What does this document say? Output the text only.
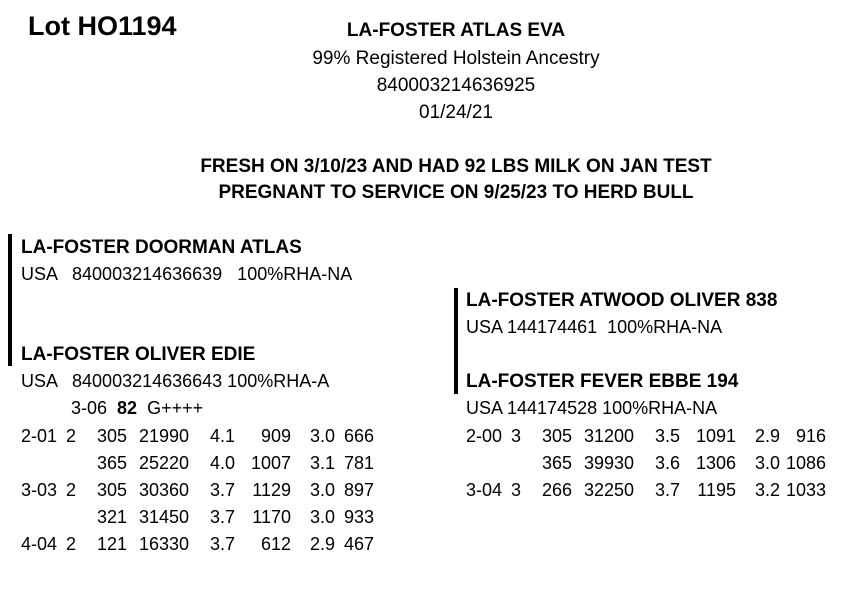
Lot HO1194	LA-FOSTER ATLAS EVA
99% Registered Holstein Ancestry
840003214636925
01/24/21
FRESH ON 3/10/23 AND HAD 92 LBS MILK ON JAN TEST
PREGNANT TO SERVICE ON 9/25/23 TO HERD BULL
LA-FOSTER DOORMAN ATLAS
USA   840003214636639   100%RHA-NA
LA-FOSTER OLIVER EDIE
USA   840003214636643 100%RHA-A
3-06 82 G++++
2-01	2	305	21990	4.1	909	3.0	666
		365	25220	4.0	1007	3.1	781
3-03	2	305	30360	3.7	1129	3.0	897
		321	31450	3.7	1170	3.0	933
4-04	2	121	16330	3.7	612	2.9	467
LA-FOSTER ATWOOD OLIVER 838
USA 144174461  100%RHA-NA
LA-FOSTER FEVER EBBE 194
USA 144174528 100%RHA-NA
2-00	3	305	31200	3.5	1091	2.9	916
		365	39930	3.6	1306	3.0	1086
3-04	3	266	32250	3.7	1195	3.2	1033
